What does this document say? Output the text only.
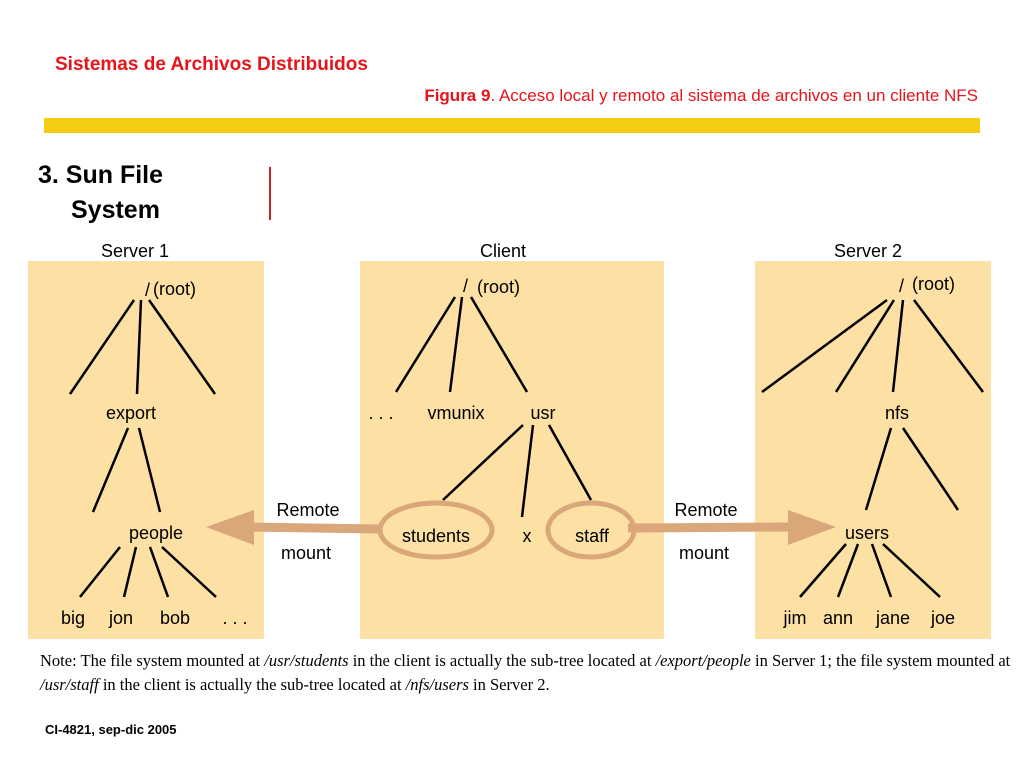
Sistemas de Archivos Distribuidos
Figura 9. Acceso local y remoto al sistema de archivos en un cliente NFS
3. Sun File
System
Server 1	Client	Server 2
/ (root)
export
people
big jon bob . . .
/ (root)
. . . vmunix	usr
students	x staff
Remote
mount
Remote
mount
/ (root)
nfs
users
jim ann jane joe
Note: The file system mounted at /usr/students in the client is actually the sub-tree located at /export/people in Server 1; the file system mounted at /usr/staff in the client is actually the sub-tree located at /nfs/users in Server 2.
CI-4821, sep-dic 2005
